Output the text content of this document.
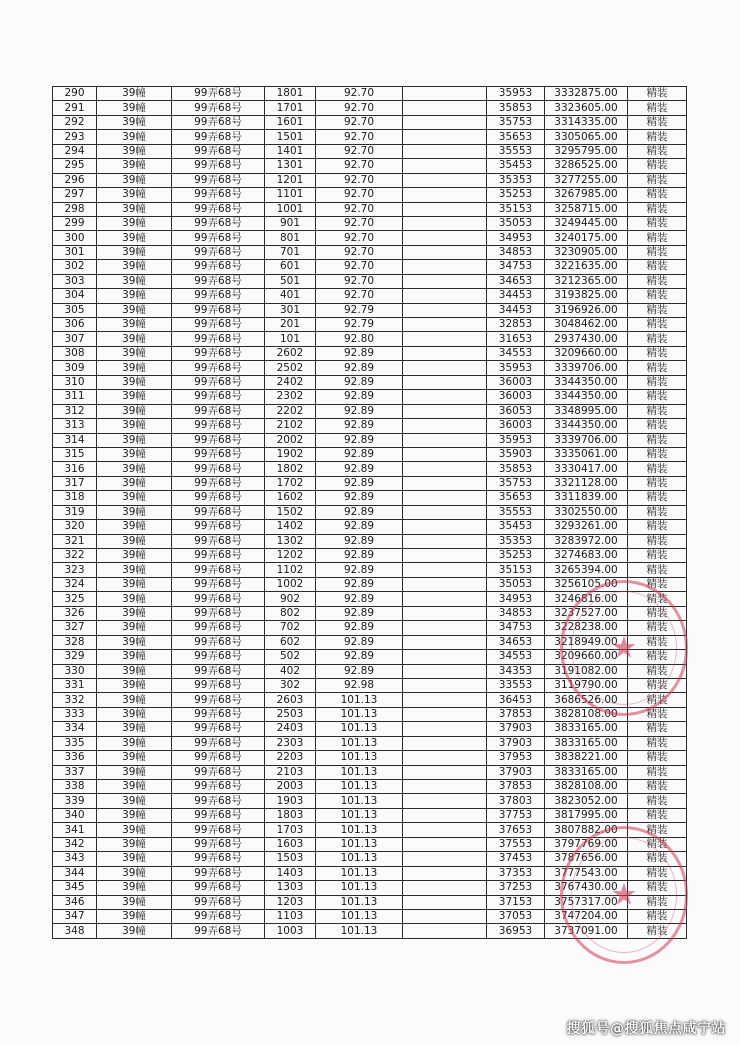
290	39幢	99弄68号	1801	92.70		35953	3332875.00	精装
291	39幢	99弄68号	1701	92.70		35853	3323605.00	精装
292	39幢	99弄68号	1601	92.70		35753	3314335.00	精装
293	39幢	99弄68号	1501	92.70		35653	3305065.00	精装
294	39幢	99弄68号	1401	92.70		35553	3295795.00	精装
295	39幢	99弄68号	1301	92.70		35453	3286525.00	精装
296	39幢	99弄68号	1201	92.70		35353	3277255.00	精装
297	39幢	99弄68号	1101	92.70		35253	3267985.00	精装
298	39幢	99弄68号	1001	92.70		35153	3258715.00	精装
299	39幢	99弄68号	901	92.70		35053	3249445.00	精装
300	39幢	99弄68号	801	92.70		34953	3240175.00	精装
301	39幢	99弄68号	701	92.70		34853	3230905.00	精装
302	39幢	99弄68号	601	92.70		34753	3221635.00	精装
303	39幢	99弄68号	501	92.70		34653	3212365.00	精装
304	39幢	99弄68号	401	92.70		34453	3193825.00	精装
305	39幢	99弄68号	301	92.79		34453	3196926.00	精装
306	39幢	99弄68号	201	92.79		32853	3048462.00	精装
307	39幢	99弄68号	101	92.80		31653	2937430.00	精装
308	39幢	99弄68号	2602	92.89		34553	3209660.00	精装
309	39幢	99弄68号	2502	92.89		35953	3339706.00	精装
310	39幢	99弄68号	2402	92.89		36003	3344350.00	精装
311	39幢	99弄68号	2302	92.89		36003	3344350.00	精装
312	39幢	99弄68号	2202	92.89		36053	3348995.00	精装
313	39幢	99弄68号	2102	92.89		36003	3344350.00	精装
314	39幢	99弄68号	2002	92.89		35953	3339706.00	精装
315	39幢	99弄68号	1902	92.89		35903	3335061.00	精装
316	39幢	99弄68号	1802	92.89		35853	3330417.00	精装
317	39幢	99弄68号	1702	92.89		35753	3321128.00	精装
318	39幢	99弄68号	1602	92.89		35653	3311839.00	精装
319	39幢	99弄68号	1502	92.89		35553	3302550.00	精装
320	39幢	99弄68号	1402	92.89		35453	3293261.00	精装
321	39幢	99弄68号	1302	92.89		35353	3283972.00	精装
322	39幢	99弄68号	1202	92.89		35253	3274683.00	精装
323	39幢	99弄68号	1102	92.89		35153	3265394.00	精装
324	39幢	99弄68号	1002	92.89		35053	3256105.00	精装
325	39幢	99弄68号	902	92.89		34953	3246816.00	精装
326	39幢	99弄68号	802	92.89		34853	3237527.00	精装
327	39幢	99弄68号	702	92.89		34753	3228238.00	精装
328	39幢	99弄68号	602	92.89		34653	3218949.00	精装
329	39幢	99弄68号	502	92.89		34553	3209660.00	精装
330	39幢	99弄68号	402	92.89		34353	3191082.00	精装
331	39幢	99弄68号	302	92.98		33553	3119790.00	精装
332	39幢	99弄68号	2603	101.13		36453	3686526.00	精装
333	39幢	99弄68号	2503	101.13		37853	3828108.00	精装
334	39幢	99弄68号	2403	101.13		37903	3833165.00	精装
335	39幢	99弄68号	2303	101.13		37903	3833165.00	精装
336	39幢	99弄68号	2203	101.13		37953	3838221.00	精装
337	39幢	99弄68号	2103	101.13		37903	3833165.00	精装
338	39幢	99弄68号	2003	101.13		37853	3828108.00	精装
339	39幢	99弄68号	1903	101.13		37803	3823052.00	精装
340	39幢	99弄68号	1803	101.13		37753	3817995.00	精装
341	39幢	99弄68号	1703	101.13		37653	3807882.00	精装
342	39幢	99弄68号	1603	101.13		37553	3797769.00	精装
343	39幢	99弄68号	1503	101.13		37453	3787656.00	精装
344	39幢	99弄68号	1403	101.13		37353	3777543.00	精装
345	39幢	99弄68号	1303	101.13		37253	3767430.00	精装
346	39幢	99弄68号	1203	101.13		37153	3757317.00	精装
347	39幢	99弄68号	1103	101.13		37053	3747204.00	精装
348	39幢	99弄68号	1003	101.13		36953	3737091.00	精装
★
★
搜狐号@搜狐焦点咸宁站
